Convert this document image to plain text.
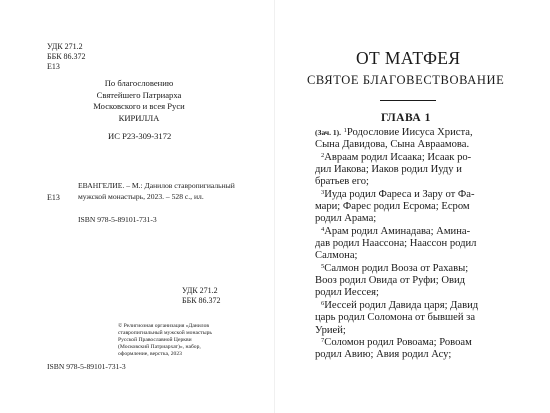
УДК 271.2
ББК 86.372
Е13
По благословению
Святейшего Патриарха
Московского и всея Руси
КИРИЛЛА
ИС Р23-309-3172
Е13
ЕВАНГЕЛИЕ. – М.: Данилов ставропигиальный
мужской монастырь, 2023. – 528 с., ил.
ISBN 978-5-89101-731-3
УДК 271.2
ББК 86.372
© Религиозная организация «Данилов
ставропигиальный мужской монастырь
Русской Православной Церкви
(Московский Патриархат)», набор,
оформление, верстка, 2023
ISBN 978-5-89101-731-3
ОТ МАТФЕЯ
СВЯТОЕ БЛАГОВЕСТВОВАНИЕ
ГЛАВА 1
(Зач. 1). $^1$Родословие Иисуса Христа,
Сына Давидова, Сына Авраамова.
$^2$Авраам родил Исаака; Исаак ро-
дил Иакова; Иаков родил Иуду и
братьев его;
$^3$Иуда родил Фареса и Зару от Фа-
мари; Фарес родил Есрома; Есром
родил Арама;
$^4$Арам родил Аминадава; Амина-
дав родил Наассона; Наассон родил
Салмона;
$^5$Салмон родил Вооза от Рахавы;
Вооз родил Овида от Руфи; Овид
родил Иессея;
$^6$Иессей родил Давида царя; Давид
царь родил Соломона от бывшей за
Урией;
$^7$Соломон родил Ровоама; Ровоам
родил Авию; Авия родил Асу;
